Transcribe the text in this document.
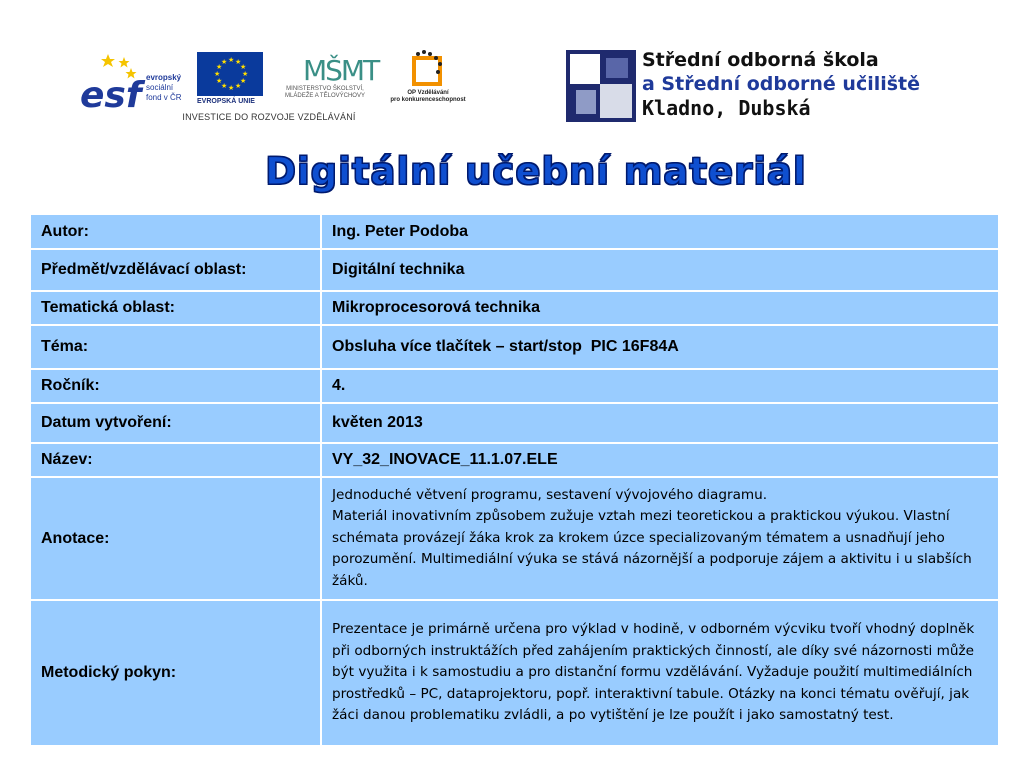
esf evropský
sociální
fond v ČR
★ ★
★
★
★
★
★
★
★
★
★
★
EVROPSKÁ UNIE
MŠMT
MINISTERSTVO ŠKOLSTVÍ,
MLÁDEŽE A TĚLOVÝCHOVY	OP Vzdělávání
pro konkurenceschopnost
INVESTICE DO ROZVOJE VZDĚLÁVÁNÍ
Střední odborná škola
a Střední odborné učiliště
Kladno, Dubská
Digitální učební materiál
Autor:	Ing. Peter Podoba
Předmět/vzdělávací oblast:	Digitální technika
Tematická oblast:	Mikroprocesorová technika
Téma:	Obsluha více tlačítek – start/stop  PIC 16F84A
Ročník:	4.
Datum vytvoření:	květen 2013
Název:	VY_32_INOVACE_11.1.07.ELE
Anotace:	Jednoduché větvení programu, sestavení vývojového diagramu.
Materiál inovativním způsobem zužuje vztah mezi teoretickou a praktickou výukou. Vlastní schémata provázejí žáka krok za krokem úzce specializovaným tématem a usnadňují jeho porozumění. Multimediální výuka se stává názornější a podporuje zájem a aktivitu i u slabších žáků.
Metodický pokyn:	Prezentace je primárně určena pro výklad v hodině, v odborném výcviku tvoří vhodný doplněk při odborných instruktážích před zahájením praktických činností, ale díky své názornosti může být využita i k samostudiu a pro distanční formu vzdělávání. Vyžaduje použití multimediálních prostředků – PC, dataprojektoru, popř. interaktivní tabule. Otázky na konci tématu ověřují, jak žáci danou problematiku zvládli, a po vytištění je lze použít i jako samostatný test.
